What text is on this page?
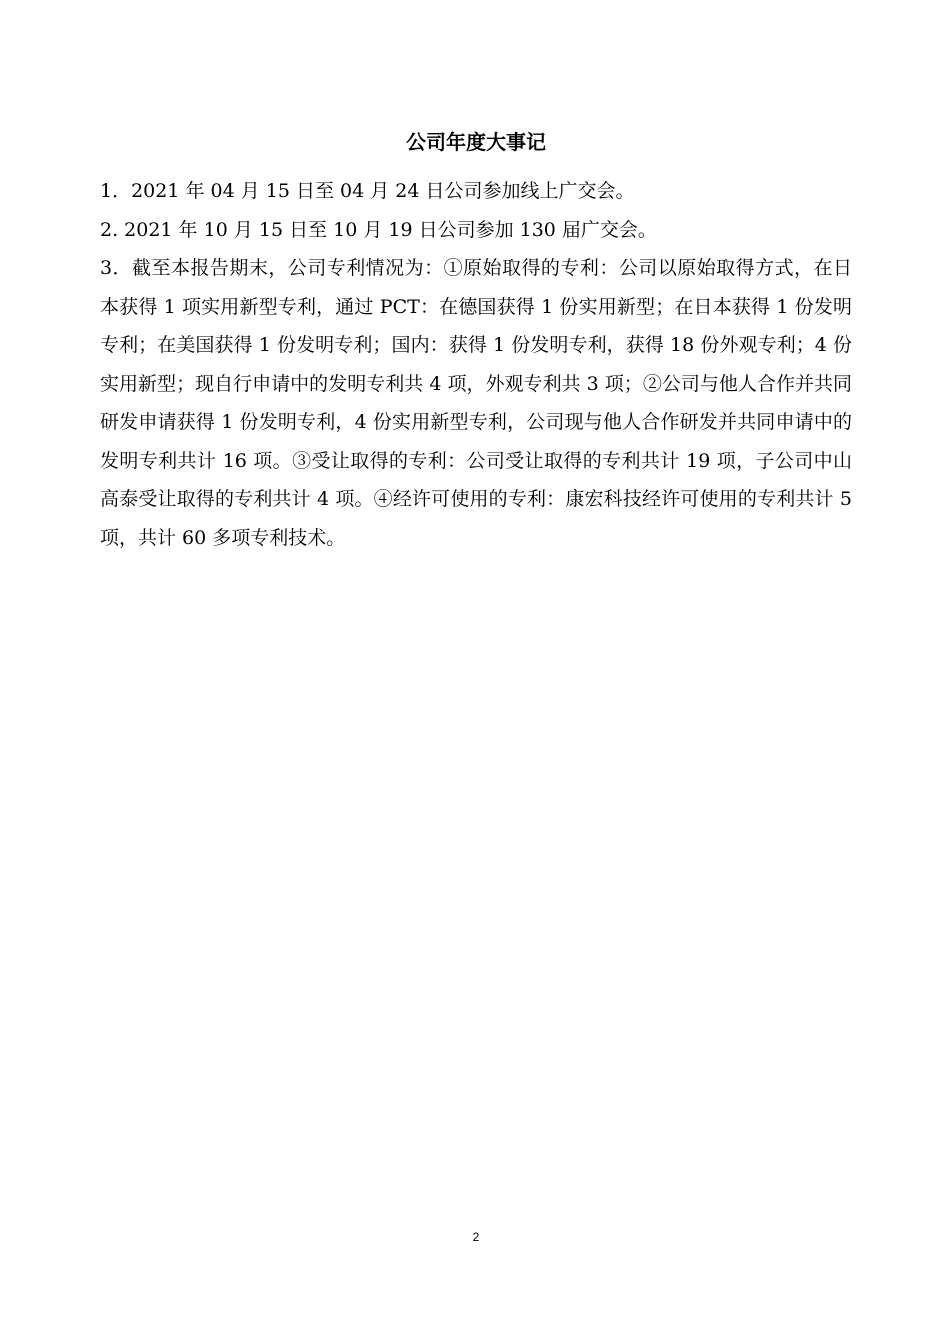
公司年度大事记

1．2021 年 04 月 15 日至 04 月 24 日公司参加线上广交会。

2. 2021 年 10 月 15 日至 10 月 19 日公司参加 130 届广交会。

3．截至本报告期末，公司专利情况为：①原始取得的专利：公司以原始取得方式，在日本获得 1 项实用新型专利，通过 PCT：在德国获得 1 份实用新型；在日本获得 1 份发明专利；在美国获得 1 份发明专利；国内：获得 1 份发明专利，获得 18 份外观专利；4 份实用新型；现自行申请中的发明专利共 4 项，外观专利共 3 项；②公司与他人合作并共同研发申请获得 1 份发明专利，4 份实用新型专利，公司现与他人合作研发并共同申请中的发明专利共计 16 项。③受让取得的专利：公司受让取得的专利共计 19 项，子公司中山高泰受让取得的专利共计 4 项。④经许可使用的专利：康宏科技经许可使用的专利共计 5 项，共计 60 多项专利技术。

2
